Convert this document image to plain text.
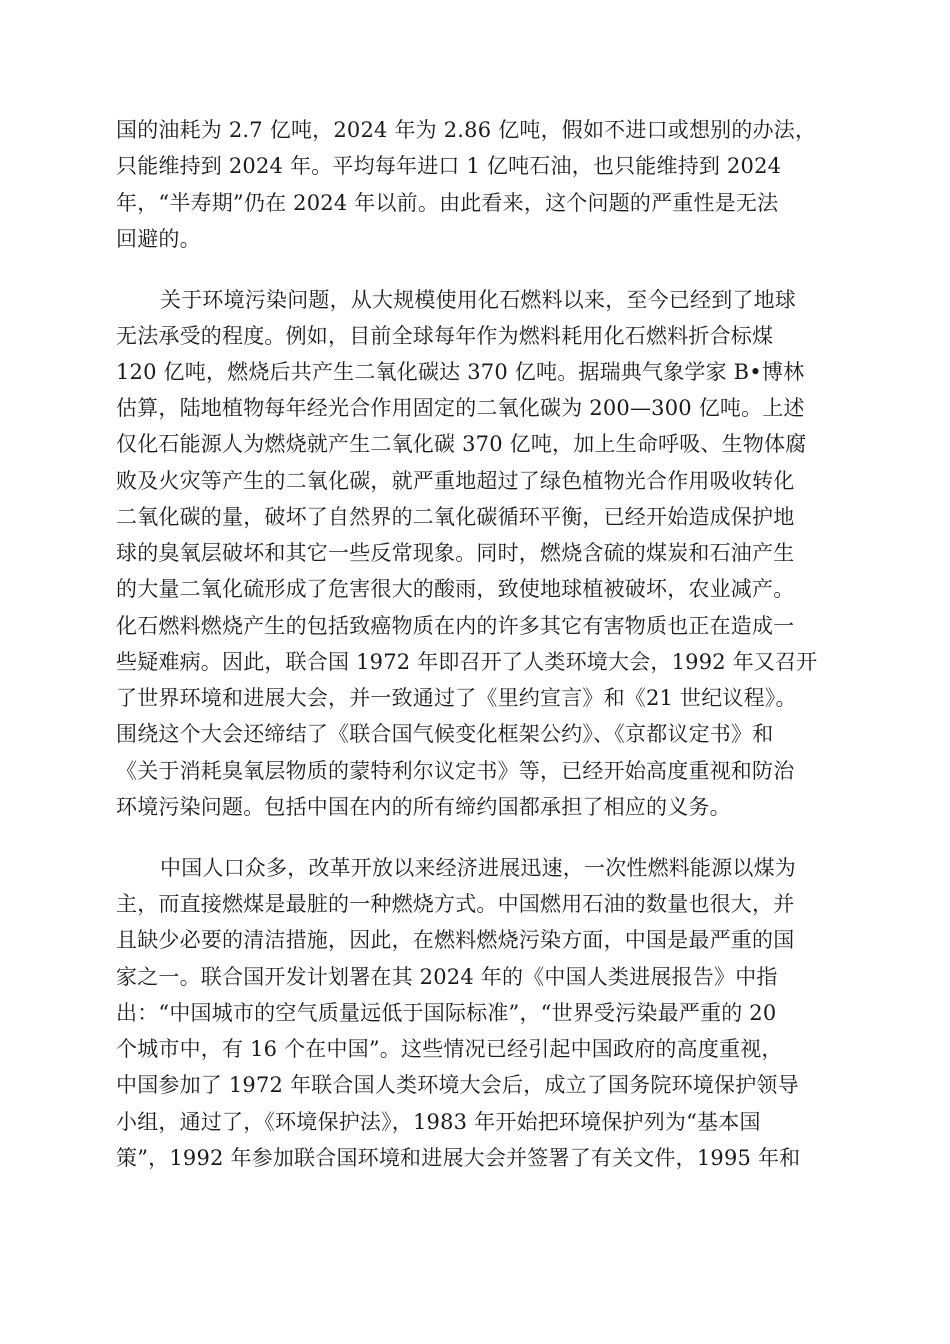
国的油耗为 2.7 亿吨，2024 年为 2.86 亿吨，假如不进口或想别的办法，
只能维持到 2024 年。平均每年进口 1 亿吨石油，也只能维持到 2024
年，“半寿期”仍在 2024 年以前。由此看来，这个问题的严重性是无法
回避的。
关于环境污染问题，从大规模使用化石燃料以来，至今已经到了地球
无法承受的程度。例如，目前全球每年作为燃料耗用化石燃料折合标煤
120 亿吨，燃烧后共产生二氧化碳达 370 亿吨。据瑞典气象学家 B•博林
估算，陆地植物每年经光合作用固定的二氧化碳为 200—300 亿吨。上述
仅化石能源人为燃烧就产生二氧化碳 370 亿吨，加上生命呼吸、生物体腐
败及火灾等产生的二氧化碳，就严重地超过了绿色植物光合作用吸收转化
二氧化碳的量，破坏了自然界的二氧化碳循环平衡，已经开始造成保护地
球的臭氧层破坏和其它一些反常现象。同时，燃烧含硫的煤炭和石油产生
的大量二氧化硫形成了危害很大的酸雨，致使地球植被破坏，农业减产。
化石燃料燃烧产生的包括致癌物质在内的许多其它有害物质也正在造成一
些疑难病。因此，联合国 1972 年即召开了人类环境大会，1992 年又召开
了世界环境和进展大会，并一致通过了《里约宣言》和《21 世纪议程》。
围绕这个大会还缔结了《联合国气候变化框架公约》、《京都议定书》和
《关于消耗臭氧层物质的蒙特利尔议定书》等，已经开始高度重视和防治
环境污染问题。包括中国在内的所有缔约国都承担了相应的义务。
中国人口众多，改革开放以来经济进展迅速，一次性燃料能源以煤为
主，而直接燃煤是最脏的一种燃烧方式。中国燃用石油的数量也很大，并
且缺少必要的清洁措施，因此，在燃料燃烧污染方面，中国是最严重的国
家之一。联合国开发计划署在其 2024 年的《中国人类进展报告》中指
出：“中国城市的空气质量远低于国际标准”，“世界受污染最严重的 20
个城市中，有 16 个在中国”。这些情况已经引起中国政府的高度重视，
中国参加了 1972 年联合国人类环境大会后，成立了国务院环境保护领导
小组，通过了，《环境保护法》，1983 年开始把环境保护列为“基本国
策”，1992 年参加联合国环境和进展大会并签署了有关文件，1995 年和
